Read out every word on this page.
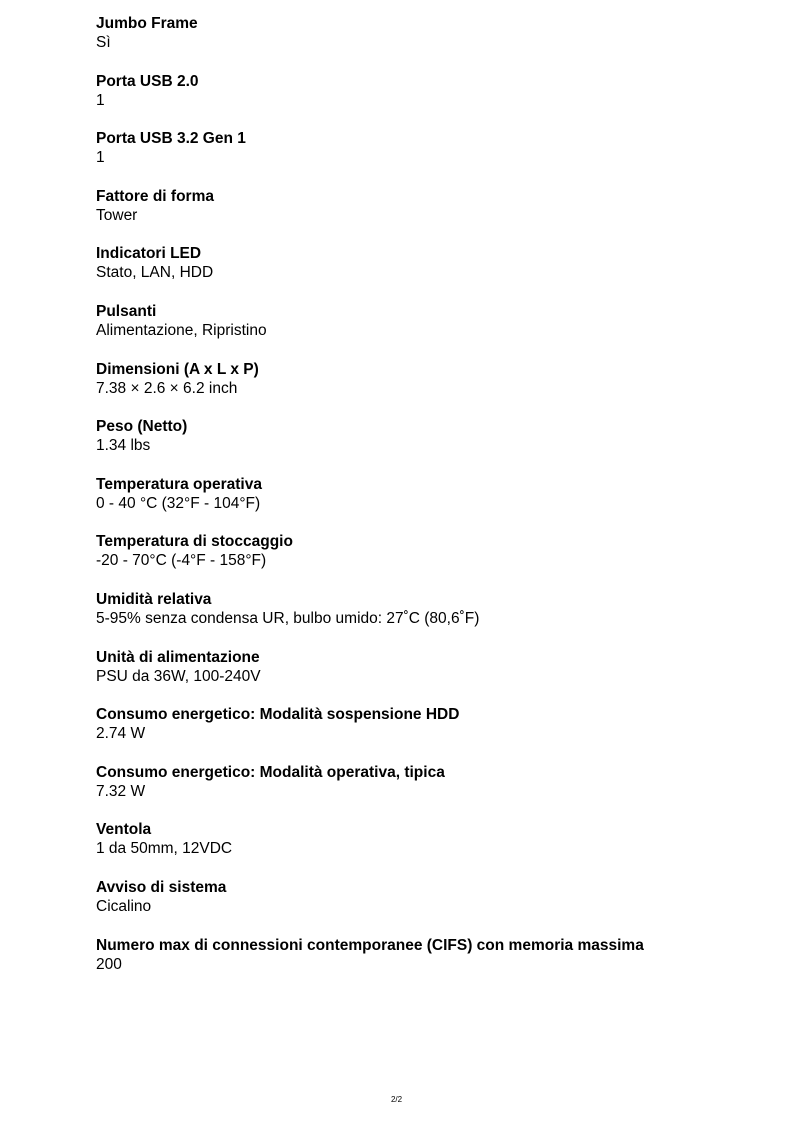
Jumbo Frame
Sì
Porta USB 2.0
1
Porta USB 3.2 Gen 1
1
Fattore di forma
Tower
Indicatori LED
Stato, LAN, HDD
Pulsanti
Alimentazione, Ripristino
Dimensioni (A x L x P)
7.38 × 2.6 × 6.2 inch
Peso (Netto)
1.34 lbs
Temperatura operativa
0 - 40 °C (32°F - 104°F)
Temperatura di stoccaggio
-20 - 70°C (-4°F - 158°F)
Umidità relativa
5-95% senza condensa UR, bulbo umido: 27˚C (80,6˚F)
Unità di alimentazione
PSU da 36W, 100-240V
Consumo energetico: Modalità sospensione HDD
2.74 W
Consumo energetico: Modalità operativa, tipica
7.32 W
Ventola
1 da 50mm, 12VDC
Avviso di sistema
Cicalino
Numero max di connessioni contemporanee (CIFS) con memoria massima
200
2/2
